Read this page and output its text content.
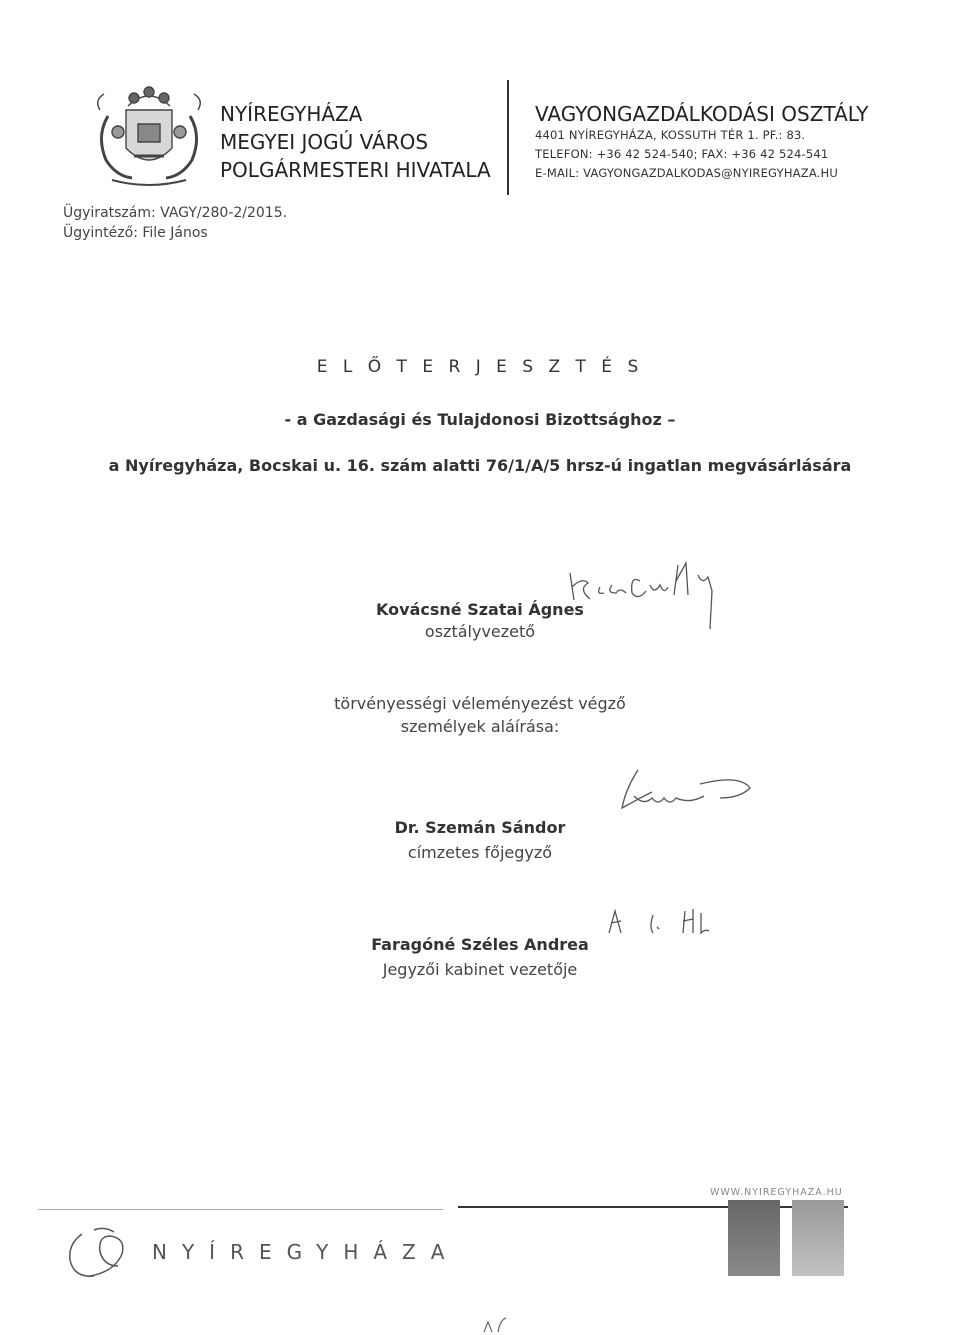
NYÍREGYHÁZA
MEGYEI JOGÚ VÁROS
POLGÁRMESTERI HIVATALA
VAGYONGAZDÁLKODÁSI OSZTÁLY
4401 NYÍREGYHÁZA, KOSSUTH TÉR 1. PF.: 83.
TELEFON: +36 42 524-540; FAX: +36 42 524-541
E-MAIL: VAGYONGAZDALKODAS@NYIREGYHAZA.HU
Ügyiratszám: VAGY/280-2/2015.
Ügyintéző: File János
E L Ő T E R J E S Z T É S
- a Gazdasági és Tulajdonosi Bizottsághoz –
a Nyíregyháza, Bocskai u. 16. szám alatti 76/1/A/5 hrsz-ú ingatlan megvásárlására
Kovácsné Szatai Ágnes
osztályvezető
törvényességi véleményezést végző
személyek aláírása:
Dr. Szemán Sándor
címzetes főjegyző
Faragóné Széles Andrea
Jegyzői kabinet vezetője
WWW.NYIREGYHAZA.HU
NYÍREGYHÁZA
